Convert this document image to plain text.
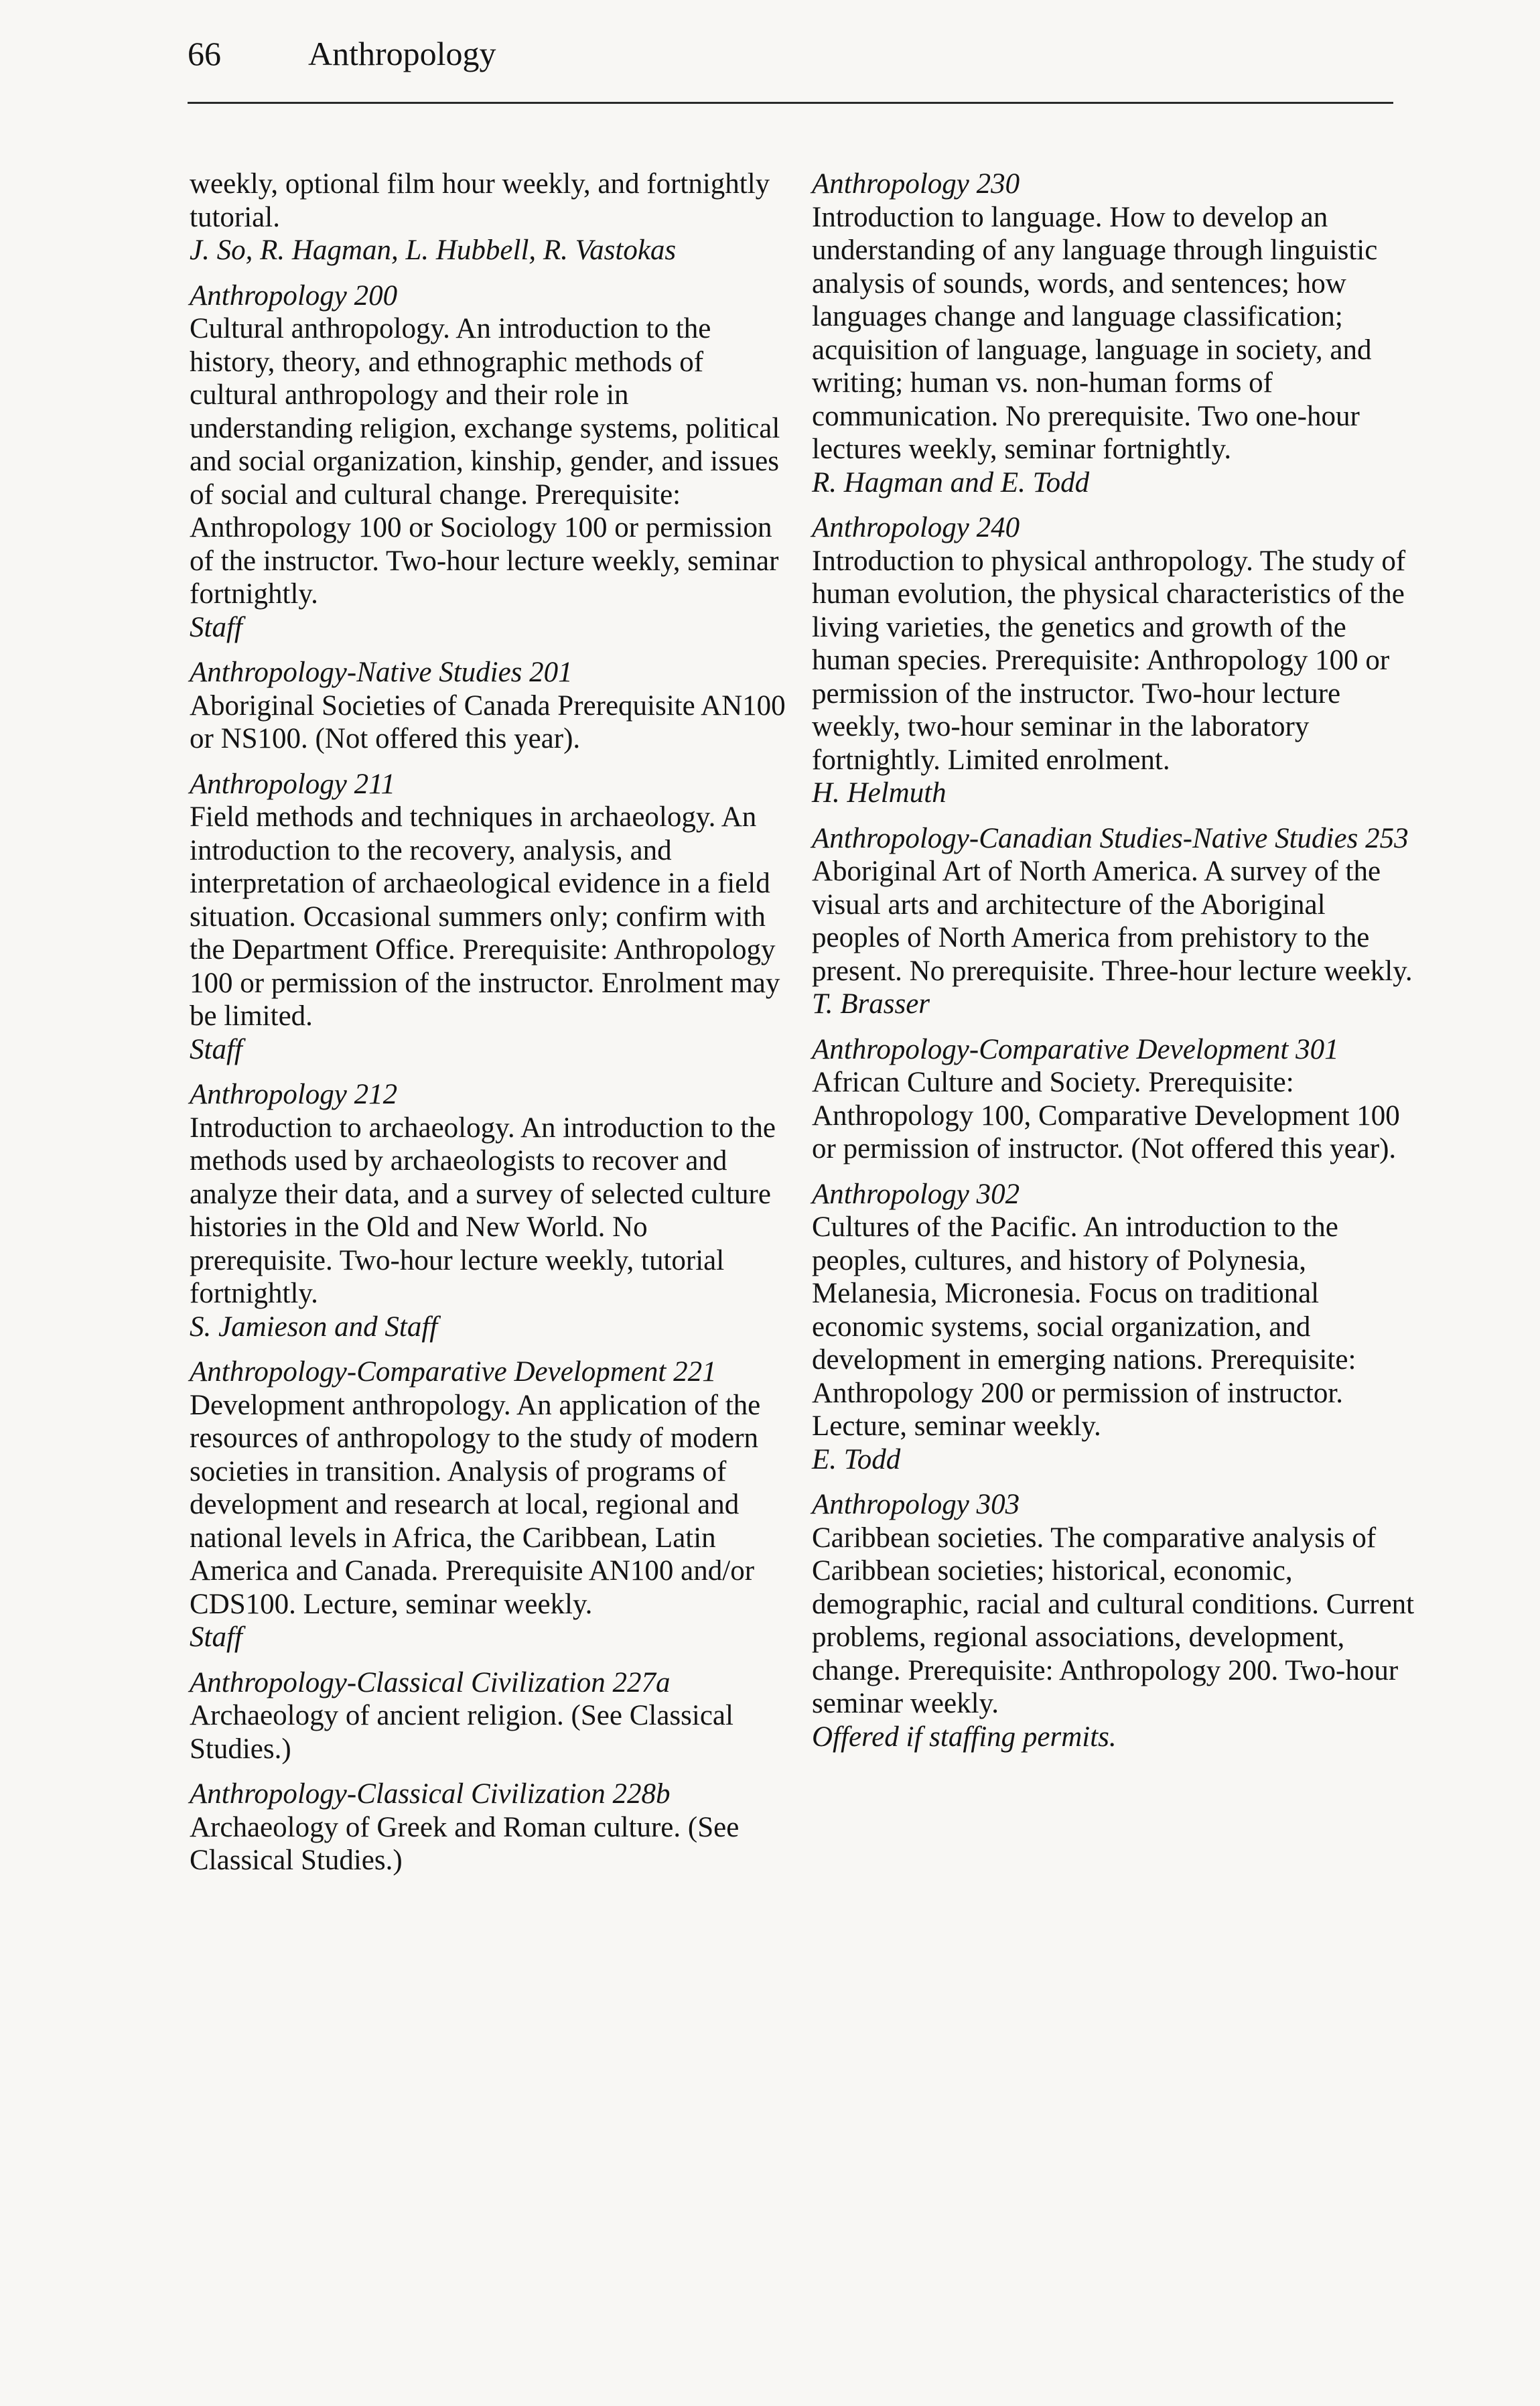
66	Anthropology
weekly, optional film hour weekly, and fortnightly tutorial.
J. So, R. Hagman, L. Hubbell, R. Vastokas
Anthropology 200
Cultural anthropology. An introduction to the history, theory, and ethnographic methods of cultural anthropology and their role in understanding religion, exchange systems, political and social organization, kinship, gender, and issues of social and cultural change. Prerequisite: Anthropology 100 or Sociology 100 or permission of the instructor. Two-hour lecture weekly, seminar fortnightly.
Staff
Anthropology-Native Studies 201
Aboriginal Societies of Canada Prerequisite AN100 or NS100. (Not offered this year).
Anthropology 211
Field methods and techniques in archaeology. An introduction to the recovery, analysis, and interpretation of archaeological evidence in a field situation. Occasional summers only; confirm with the Department Office. Prerequisite: Anthropology 100 or permission of the instructor. Enrolment may be limited.
Staff
Anthropology 212
Introduction to archaeology. An introduction to the methods used by archaeologists to recover and analyze their data, and a survey of selected culture histories in the Old and New World. No prerequisite. Two-hour lecture weekly, tutorial fortnightly.
S. Jamieson and Staff
Anthropology-Comparative Development 221
Development anthropology. An application of the resources of anthropology to the study of modern societies in transition. Analysis of programs of development and research at local, regional and national levels in Africa, the Caribbean, Latin America and Canada. Prerequisite AN100 and/or CDS100. Lecture, seminar weekly.
Staff
Anthropology-Classical Civilization 227a
Archaeology of ancient religion. (See Classical Studies.)
Anthropology-Classical Civilization 228b
Archaeology of Greek and Roman culture. (See Classical Studies.)
Anthropology 230
Introduction to language. How to develop an understanding of any language through linguistic analysis of sounds, words, and sentences; how languages change and language classification; acquisition of language, language in society, and writing; human vs. non-human forms of communication. No prerequisite. Two one-hour lectures weekly, seminar fortnightly.
R. Hagman and E. Todd
Anthropology 240
Introduction to physical anthropology. The study of human evolution, the physical characteristics of the living varieties, the genetics and growth of the human species. Prerequisite: Anthropology 100 or permission of the instructor. Two-hour lecture weekly, two-hour seminar in the laboratory fortnightly. Limited enrolment.
H. Helmuth
Anthropology-Canadian Studies-Native Studies 253
Aboriginal Art of North America. A survey of the visual arts and architecture of the Aboriginal peoples of North America from prehistory to the present. No prerequisite. Three-hour lecture weekly.
T. Brasser
Anthropology-Comparative Development 301
African Culture and Society. Prerequisite: Anthropology 100, Comparative Development 100 or permission of instructor. (Not offered this year).
Anthropology 302
Cultures of the Pacific. An introduction to the peoples, cultures, and history of Polynesia, Melanesia, Micronesia. Focus on traditional economic systems, social organization, and development in emerging nations. Prerequisite: Anthropology 200 or permission of instructor. Lecture, seminar weekly.
E. Todd
Anthropology 303
Caribbean societies. The comparative analysis of Caribbean societies; historical, economic, demographic, racial and cultural conditions. Current problems, regional associations, development, change. Prerequisite: Anthropology 200. Two-hour seminar weekly.
Offered if staffing permits.
